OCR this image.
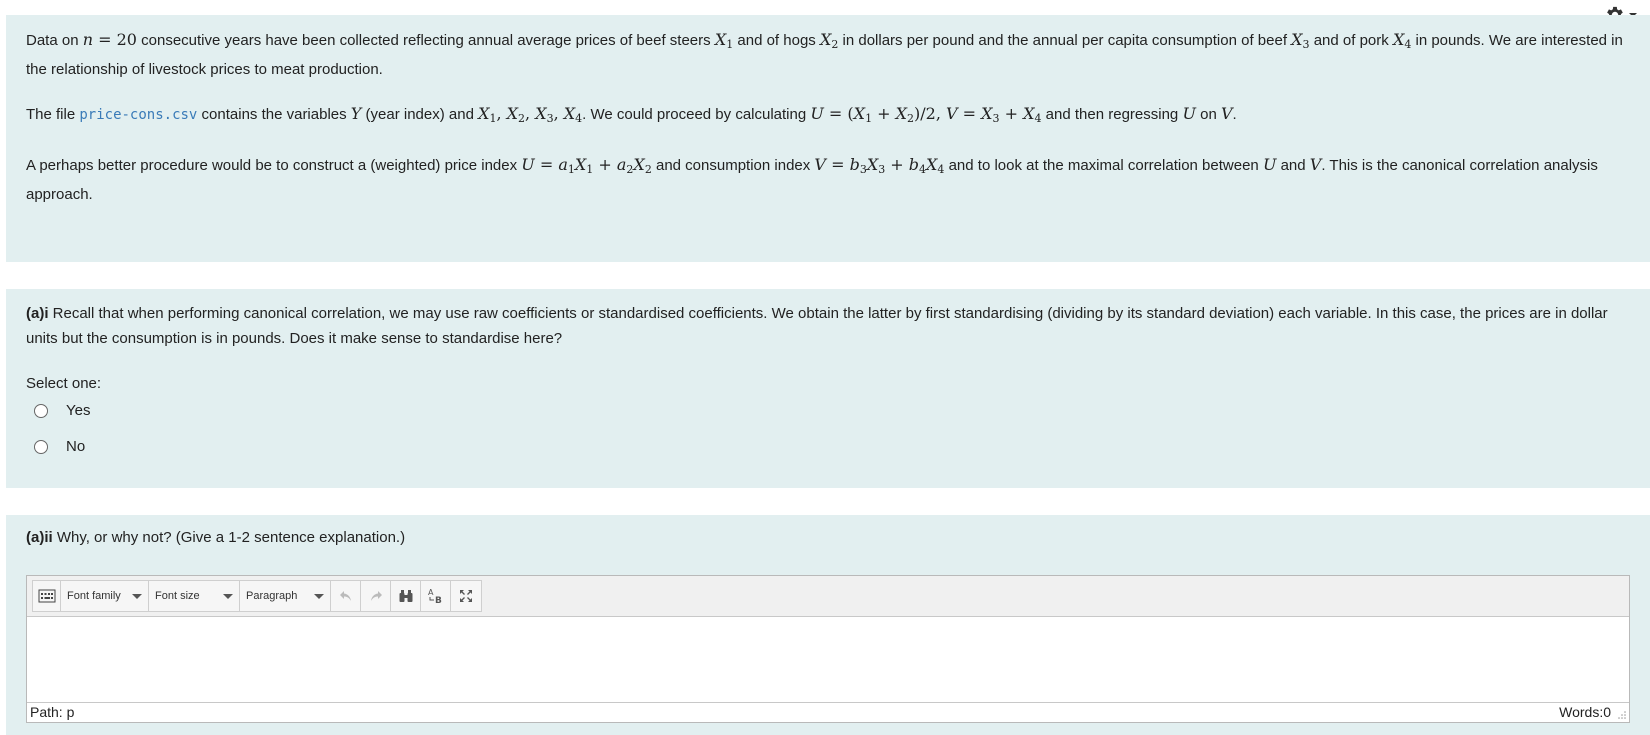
Data on n = 20 consecutive years have been collected reflecting annual average prices of beef steers $X_1$ and of hogs $X_2$ in dollars per pound and the annual per capita consumption of beef $X_3$ and of pork $X_4$ in pounds. We are interested in the relationship of livestock prices to meat production.

The file price-cons.csv contains the variables Y (year index) and $X_1$, $X_2$, $X_3$, $X_4$. We could proceed by calculating $U = (X_1 + X_2)/2$, $V = X_3 + X_4$ and then regressing U on V.

A perhaps better procedure would be to construct a (weighted) price index $U = a_1X_1 + a_2X_2$ and consumption index $V = b_3X_3 + b_4X_4$ and to look at the maximal correlation between U and V. This is the canonical correlation analysis approach.

(a)i Recall that when performing canonical correlation, we may use raw coefficients or standardised coefficients. We obtain the latter by first standardising (dividing by its standard deviation) each variable. In this case, the prices are in dollar units but the consumption is in pounds. Does it make sense to standardise here?

Select one:
Yes
No

(a)ii Why, or why not? (Give a 1-2 sentence explanation.)

Font family	Font size	Paragraph	A
B
Path: p	Words:0
